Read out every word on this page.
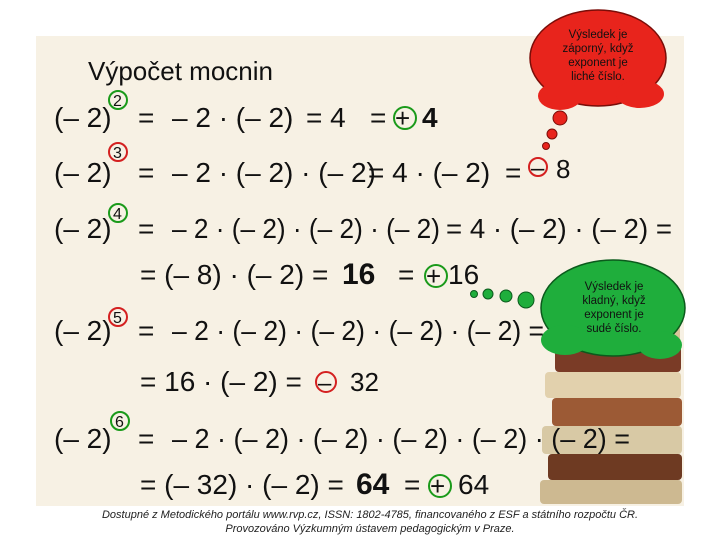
Výpočet mocnin
(– 2)
2
= – 2 · (– 2) = 4 = + 4
(– 2)
3
= – 2 · (– 2) · (– 2)
= 4 · (– 2) = – 8
(– 2) 4 = – 2 · (– 2) · (– 2) · (– 2) = 4 · (– 2) · (– 2) =
= (– 8) · (– 2) = 16 = + 16
(– 2) 5 = – 2 · (– 2) · (– 2) · (– 2) · (– 2) =
= 16 · (– 2) = – 32
(– 2)
6
= – 2 · (– 2) · (– 2) · (– 2) · (– 2) · (– 2) =
= (– 32) · (– 2) = 64 = + 64
Výsledek je
záporný, když
exponent je
liché číslo.
Výsledek je
kladný, když
exponent je
sudé číslo.
Dostupné z Metodického portálu www.rvp.cz, ISSN: 1802-4785, financovaného z ESF a státního rozpočtu ČR.
Provozováno Výzkumným ústavem pedagogickým v Praze.
